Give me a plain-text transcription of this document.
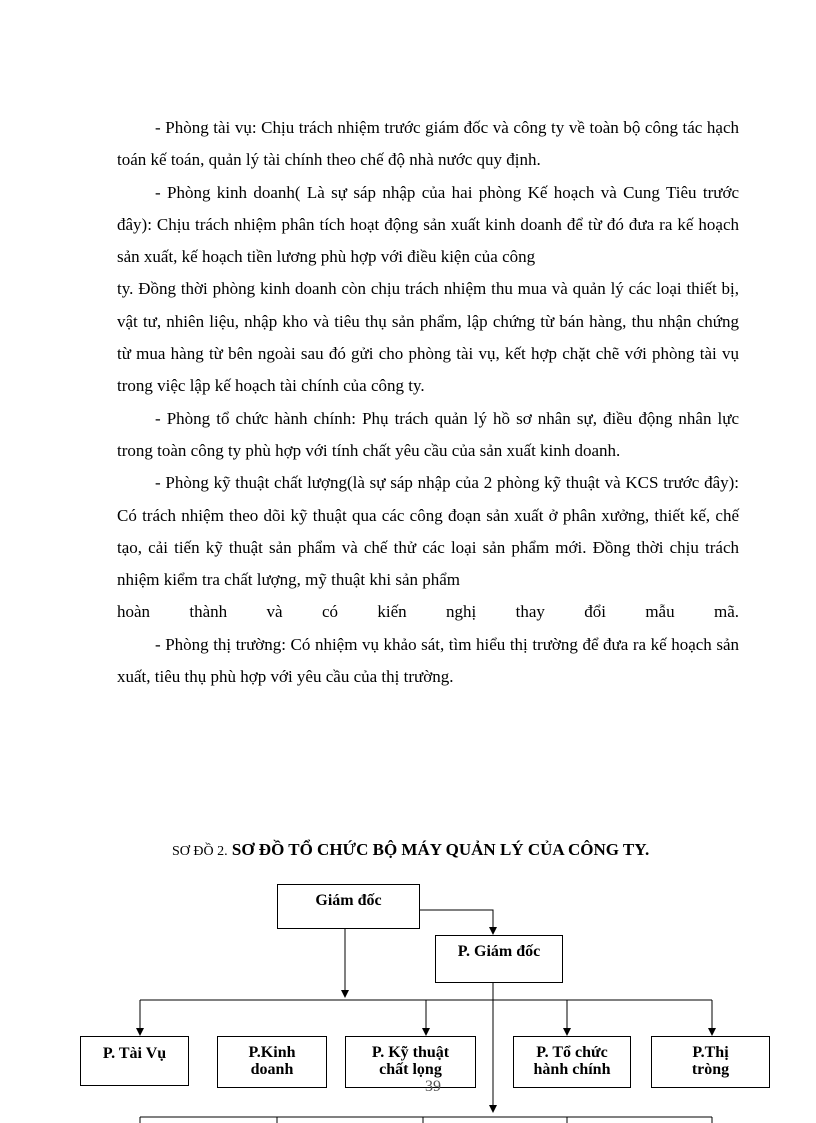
- Phòng tài vụ: Chịu trách nhiệm trước giám đốc và công ty về toàn bộ công tác hạch toán kế toán, quản lý tài chính theo chế độ nhà nước quy định.

- Phòng kinh doanh( Là sự sáp nhập của hai phòng Kế hoạch và Cung Tiêu trước đây): Chịu trách nhiệm phân tích hoạt động sản xuất kinh doanh để từ đó đưa ra kế hoạch sản xuất, kế hoạch tiền lương phù hợp với điều kiện của công

ty. Đồng thời phòng kinh doanh còn chịu trách nhiệm thu mua và quản lý các loại thiết bị, vật tư, nhiên liệu, nhập kho và tiêu thụ sản phẩm, lập chứng từ bán hàng, thu nhận chứng từ mua hàng từ bên ngoài sau đó gửi cho phòng tài vụ, kết hợp chặt chẽ với phòng tài vụ trong việc lập kế hoạch tài chính của công ty.

- Phòng tổ chức hành chính: Phụ trách quản lý hồ sơ nhân sự, điều động nhân lực trong toàn công ty phù hợp với tính chất yêu cầu của sản xuất kinh doanh.

- Phòng kỹ thuật chất lượng(là sự sáp nhập của 2 phòng kỹ thuật và KCS trước đây): Có trách nhiệm theo dõi kỹ thuật qua các công đoạn sản xuất ở phân xưởng, thiết kế, chế tạo, cải tiến kỹ thuật sản phẩm và chế thử các loại sản phẩm mới. Đồng thời chịu trách nhiệm kiểm tra chất lượng, mỹ thuật khi sản phẩm

hoàn thành và có kiến nghị thay đổi mẫu mã.

- Phòng thị trường: Có nhiệm vụ khảo sát, tìm hiểu thị trường để đưa ra kế hoạch sản xuất, tiêu thụ phù hợp với yêu cầu của thị trường.

SƠ ĐỒ 2. SƠ ĐỒ TỔ CHỨC BỘ MÁY QUẢN LÝ CỦA CÔNG TY.
Giám đốc
P. Giám đốc
P. Tài Vụ	P.Kinh doanh
P. Kỹ thuật chất lọng
P. Tổ chức hành chính
P.Thị tròng
39
